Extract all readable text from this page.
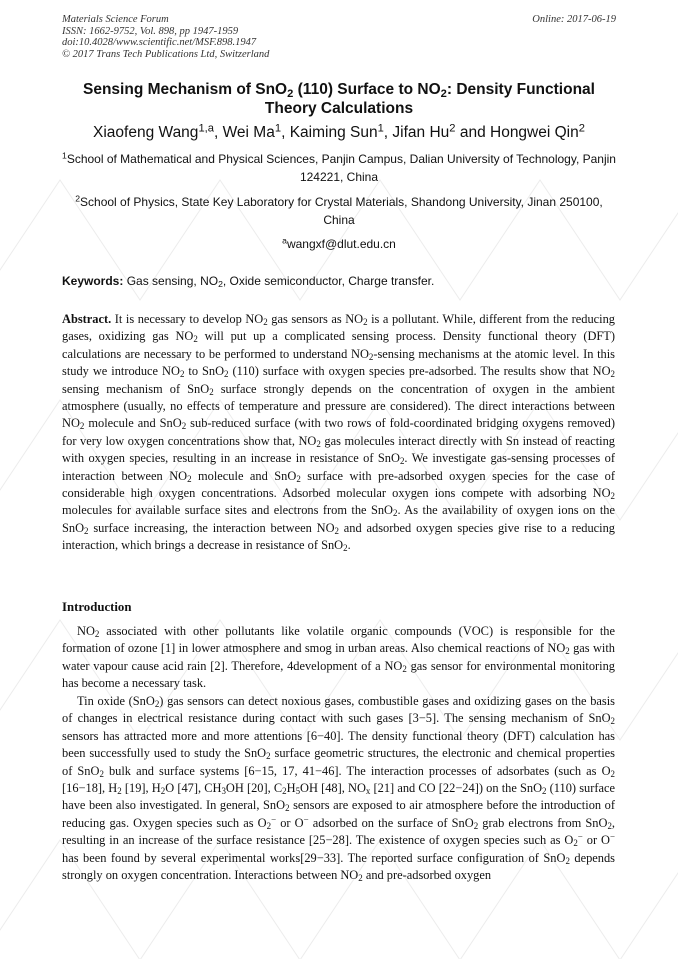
Materials Science Forum
ISSN: 1662-9752, Vol. 898, pp 1947-1959
doi:10.4028/www.scientific.net/MSF.898.1947
© 2017 Trans Tech Publications Ltd, Switzerland
Online: 2017-06-19
Sensing Mechanism of SnO$_2$ (110) Surface to $NO_2$: Density Functional Theory Calculations
Xiaofeng Wang$^{1,a}$, Wei Ma$^1$, Kaiming Sun$^1$, Jifan Hu$^2$ and Hongwei Qin$^2$
$^1$School of Mathematical and Physical Sciences, Panjin Campus, Dalian University of Technology, Panjin 124221, China
$^2$School of Physics, State Key Laboratory for Crystal Materials, Shandong University, Jinan 250100, China
$^a$wangxf@dlut.edu.cn
Keywords: Gas sensing, $NO_2$, Oxide semiconductor, Charge transfer.
Abstract. It is necessary to develop $NO_2$ gas sensors as $NO_2$ is a pollutant. While, different from the reducing gases, oxidizing gas $NO_2$ will put up a complicated sensing process. Density functional theory (DFT) calculations are necessary to be performed to understand $NO_2$-sensing mechanisms at the atomic level. In this study we introduce $NO_2$ to SnO$_2$ (110) surface with oxygen species pre-adsorbed. The results show that $NO_2$ sensing mechanism of SnO$_2$ surface strongly depends on the concentration of oxygen in the ambient atmosphere (usually, no effects of temperature and pressure are considered). The direct interactions between $NO_2$ molecule and SnO$_2$ sub-reduced surface (with two rows of fold-coordinated bridging oxygens removed) for very low oxygen concentrations show that, $NO_2$ gas molecules interact directly with Sn instead of reacting with oxygen species, resulting in an increase in resistance of SnO$_2$. We investigate gas-sensing processes of interaction between $NO_2$ molecule and SnO$_2$ surface with pre-adsorbed oxygen species for the case of considerable high oxygen concentrations. Adsorbed molecular oxygen ions compete with adsorbing $NO_2$ molecules for available surface sites and electrons from the SnO$_2$. As the availability of oxygen ions on the SnO$_2$ surface increasing, the interaction between $NO_2$ and adsorbed oxygen species give rise to a reducing interaction, which brings a decrease in resistance of SnO$_2$.
Introduction
$NO_2$ associated with other pollutants like volatile organic compounds (VOC) is responsible for the formation of ozone [1] in lower atmosphere and smog in urban areas. Also chemical reactions of $NO_2$ gas with water vapour cause acid rain [2]. Therefore, 4development of a $NO_2$ gas sensor for environmental monitoring has become a necessary task.
Tin oxide (SnO$_2$) gas sensors can detect noxious gases, combustible gases and oxidizing gases on the basis of changes in electrical resistance during contact with such gases [3−5]. The sensing mechanism of SnO$_2$ sensors has attracted more and more attentions [6−40]. The density functional theory (DFT) calculation has been successfully used to study the SnO$_2$ surface geometric structures, the electronic and chemical properties of SnO$_2$ bulk and surface systems [6−15, 17, 41−46]. The interaction processes of adsorbates (such as $O_2$ [16−18], $H_2$ [19], $H_2O$ [47], $CH_3OH$ [20], $C_2H_5OH$ [48], $NO_x$ [21] and CO [22−24]) on the SnO$_2$ (110) surface have been also investigated. In general, SnO$_2$ sensors are exposed to air atmosphere before the introduction of reducing gas. Oxygen species such as $O_2^-$ or O− adsorbed on the surface of SnO$_2$ grab electrons from SnO$_2$, resulting in an increase of the surface resistance [25−28]. The existence of oxygen species such as $O_2^-$ or O− has been found by several experimental works[29−33]. The reported surface configuration of SnO$_2$ depends strongly on oxygen concentration. Interactions between $NO_2$ and pre-adsorbed oxygen
